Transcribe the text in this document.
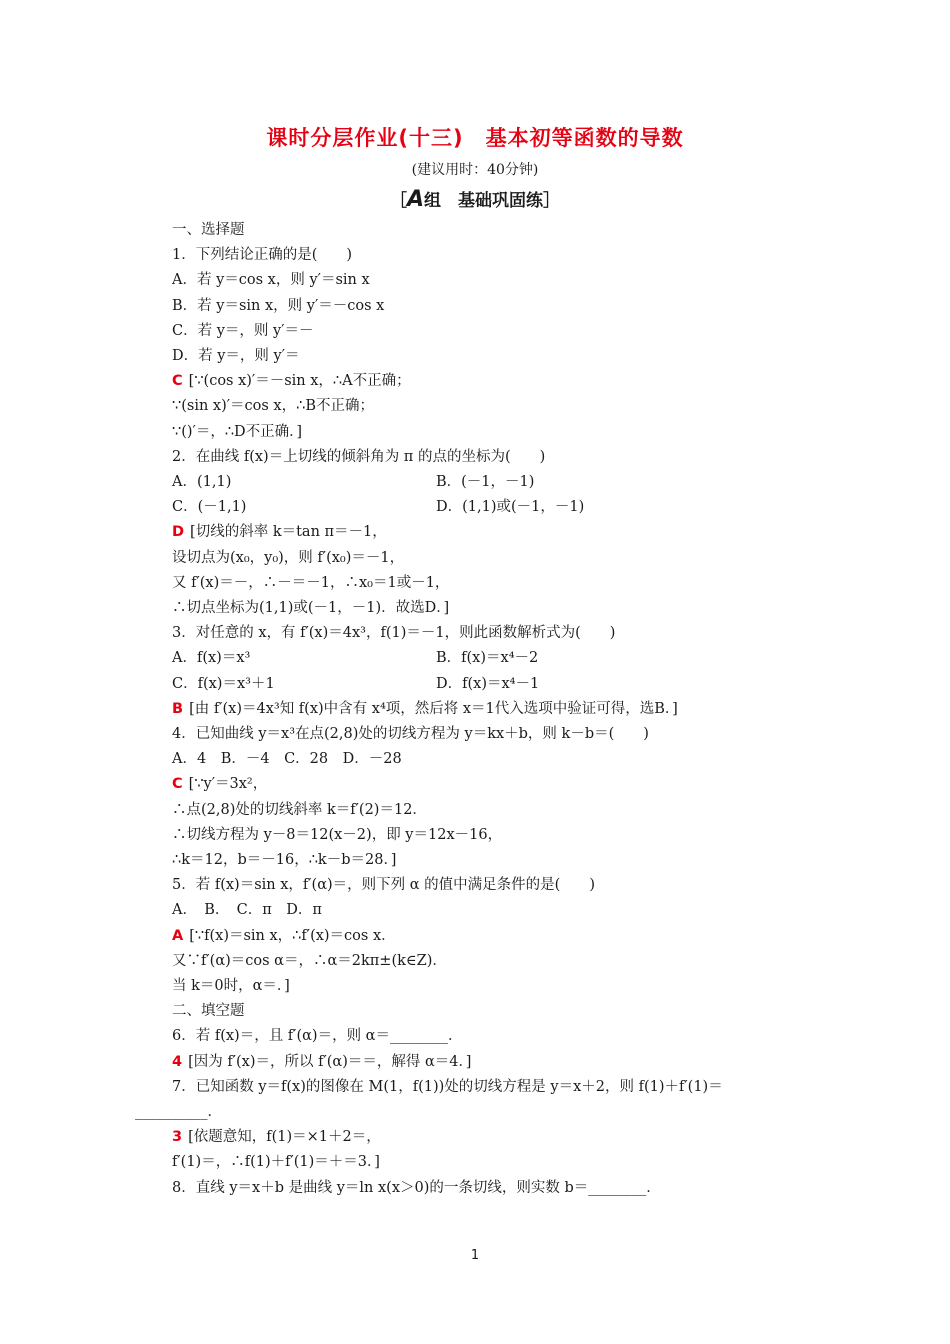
课时分层作业(十三)　基本初等函数的导数
(建议用时：40分钟)
［A组　基础巩固练］
一、选择题
1．下列结论正确的是(　　)
A．若 y＝cos x，则 y′＝sin x
B．若 y＝sin x，则 y′＝－cos x
C．若 y＝，则 y′＝－
D．若 y＝，则 y′＝
C [∵(cos x)′＝－sin x，∴A不正确；
∵(sin x)′＝cos x，∴B不正确；
∵()′＝，∴D不正确．]
2．在曲线 f(x)＝上切线的倾斜角为 π 的点的坐标为(　　)
A．(1,1)	B．(－1，－1)
C．(－1,1)	D．(1,1)或(－1，－1)
D [切线的斜率 k＝tan π＝－1，
设切点为(x₀，y₀)，则 f′(x₀)＝－1，
又 f′(x)＝－，∴－＝－1，∴x₀＝1或－1，
∴切点坐标为(1,1)或(－1，－1)．故选D．]
3．对任意的 x，有 f′(x)＝4x³，f(1)＝－1，则此函数解析式为(　　)
A．f(x)＝x³	B．f(x)＝x⁴－2
C．f(x)＝x³＋1	D．f(x)＝x⁴－1
B [由 f′(x)＝4x³知 f(x)中含有 x⁴项，然后将 x＝1代入选项中验证可得，选B．]
4．已知曲线 y＝x³在点(2,8)处的切线方程为 y＝kx＋b，则 k－b＝(　　)
A．4　B．－4　C．28　D．－28
C [∵y′＝3x²，
∴点(2,8)处的切线斜率 k＝f′(2)＝12．
∴切线方程为 y－8＝12(x－2)，即 y＝12x－16，
∴k＝12，b＝－16，∴k－b＝28．]
5．若 f(x)＝sin x，f′(α)＝，则下列 α 的值中满足条件的是(　　)
A．　B．　C．π　D．π
A [∵f(x)＝sin x，∴f′(x)＝cos x．
又∵f′(α)＝cos α＝，∴α＝2kπ±(k∈Z)．
当 k＝0时，α＝．]
二、填空题
6．若 f(x)＝，且 f′(α)＝，则 α＝________．
4 [因为 f′(x)＝，所以 f′(α)＝＝，解得 α＝4．]
7．已知函数 y＝f(x)的图像在 M(1，f(1))处的切线方程是 y＝x＋2，则 f(1)＋f′(1)＝
__________．
3 [依题意知，f(1)＝×1＋2＝，
f′(1)＝，∴f(1)＋f′(1)＝＋＝3．]
8．直线 y＝x＋b 是曲线 y＝ln x(x＞0)的一条切线，则实数 b＝________．
1
